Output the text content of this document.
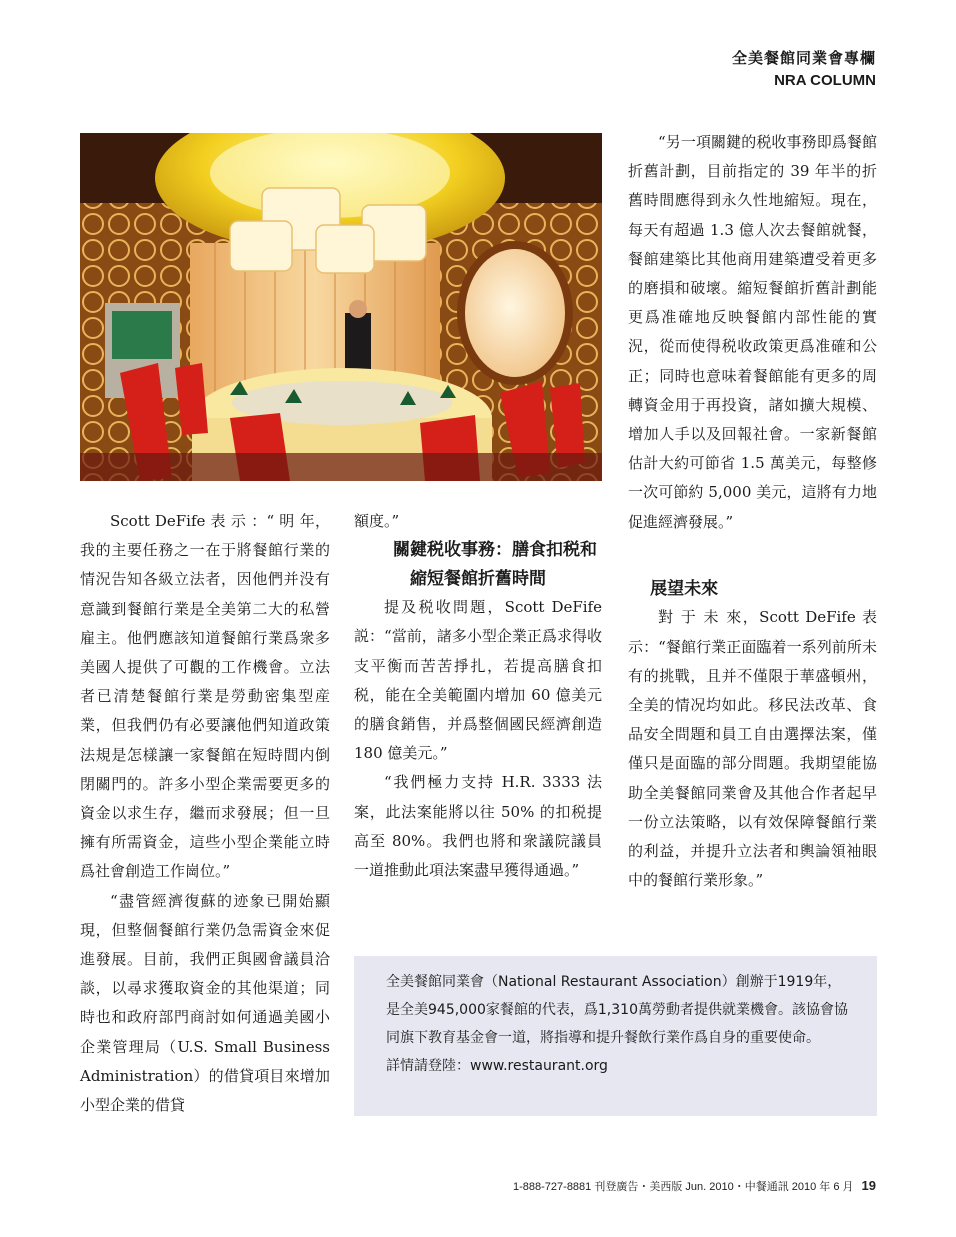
全美餐館同業會專欄
NRA COLUMN

Scott DeFife 表 示 ：“ 明 年， 我的主要任務之一在于將餐館行業的情況告知各級立法者，因他們并没有意識到餐館行業是全美第二大的私營雇主。他們應該知道餐館行業爲衆多美國人提供了可觀的工作機會。立法者已清楚餐館行業是勞動密集型産業，但我們仍有必要讓他們知道政策法規是怎樣讓一家餐館在短時間内倒閉關門的。許多小型企業需要更多的資金以求生存，繼而求發展；但一旦擁有所需資金，這些小型企業能立時爲社會創造工作崗位。”

“盡管經濟復蘇的迹象已開始顯現，但整個餐館行業仍急需資金來促進發展。目前，我們正與國會議員洽談，以尋求獲取資金的其他渠道；同時也和政府部門商討如何通過美國小企業管理局（U.S. Small Business Administration）的借貸項目來增加小型企業的借貸

額度。”

關鍵税收事務：膳食扣税和縮短餐館折舊時間

提及税收問題，Scott DeFife 説：“當前，諸多小型企業正爲求得收支平衡而苦苦掙扎，若提高膳食扣税，能在全美範圍内增加 60 億美元的膳食銷售，并爲整個國民經濟創造 180 億美元。”

“我們極力支持 H.R. 3333 法案，此法案能將以往 50% 的扣税提高至 80%。我們也將和衆議院議員一道推動此項法案盡早獲得通過。”

“另一項關鍵的税收事務即爲餐館折舊計劃，目前指定的 39 年半的折舊時間應得到永久性地縮短。現在，每天有超過 1.3 億人次去餐館就餐，餐館建築比其他商用建築遭受着更多的磨損和破壞。縮短餐館折舊計劃能更爲准確地反映餐館内部性能的實況，從而使得税收政策更爲准確和公正；同時也意味着餐館能有更多的周轉資金用于再投資，諸如擴大規模、增加人手以及回報社會。一家新餐館估計大約可節省 1.5 萬美元，每整修一次可節約 5,000 美元，這將有力地促進經濟發展。”

展望未來

對 于 未 來，Scott DeFife 表示：“餐館行業正面臨着一系列前所未有的挑戰，且并不僅限于華盛頓州，全美的情况均如此。移民法改革、食品安全問題和員工自由選擇法案，僅僅只是面臨的部分問題。我期望能協助全美餐館同業會及其他合作者起早一份立法策略，以有效保障餐館行業的利益，并提升立法者和輿論領袖眼中的餐館行業形象。”

全美餐館同業會（National Restaurant Association）創辦于1919年，是全美945,000家餐館的代表，爲1,310萬勞動者提供就業機會。該協會協同旗下教育基金會一道，將指導和提升餐飲行業作爲自身的重要使命。

詳情請登陸：www.restaurant.org

1-888-727-8881 刊登廣告・美西版 Jun. 2010・中餐通訊 2010 年 6 月 19
